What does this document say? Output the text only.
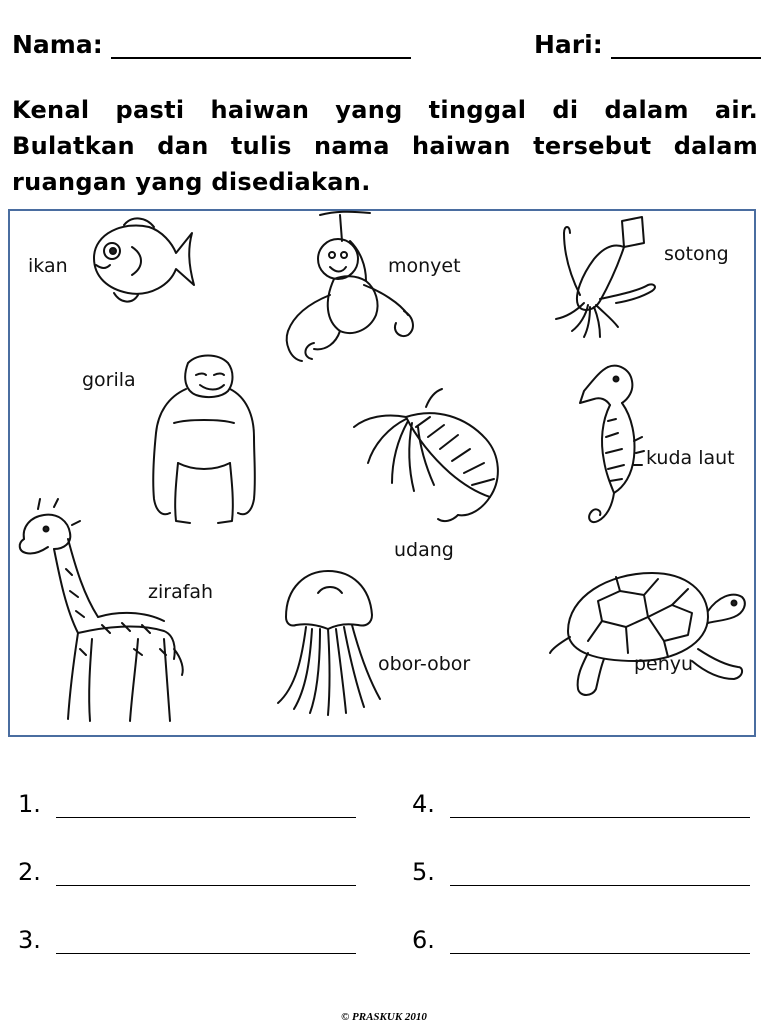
Nama:	Hari:
Kenal pasti haiwan yang tinggal di dalam air. Bulatkan dan tulis nama haiwan tersebut dalam ruangan yang disediakan.
ikan	monyet
sotong
gorila
udang
kuda laut
zirafah
obor-obor	penyu
1.
2.
3.
4.
5.
6.
© PRASKUK 2010
